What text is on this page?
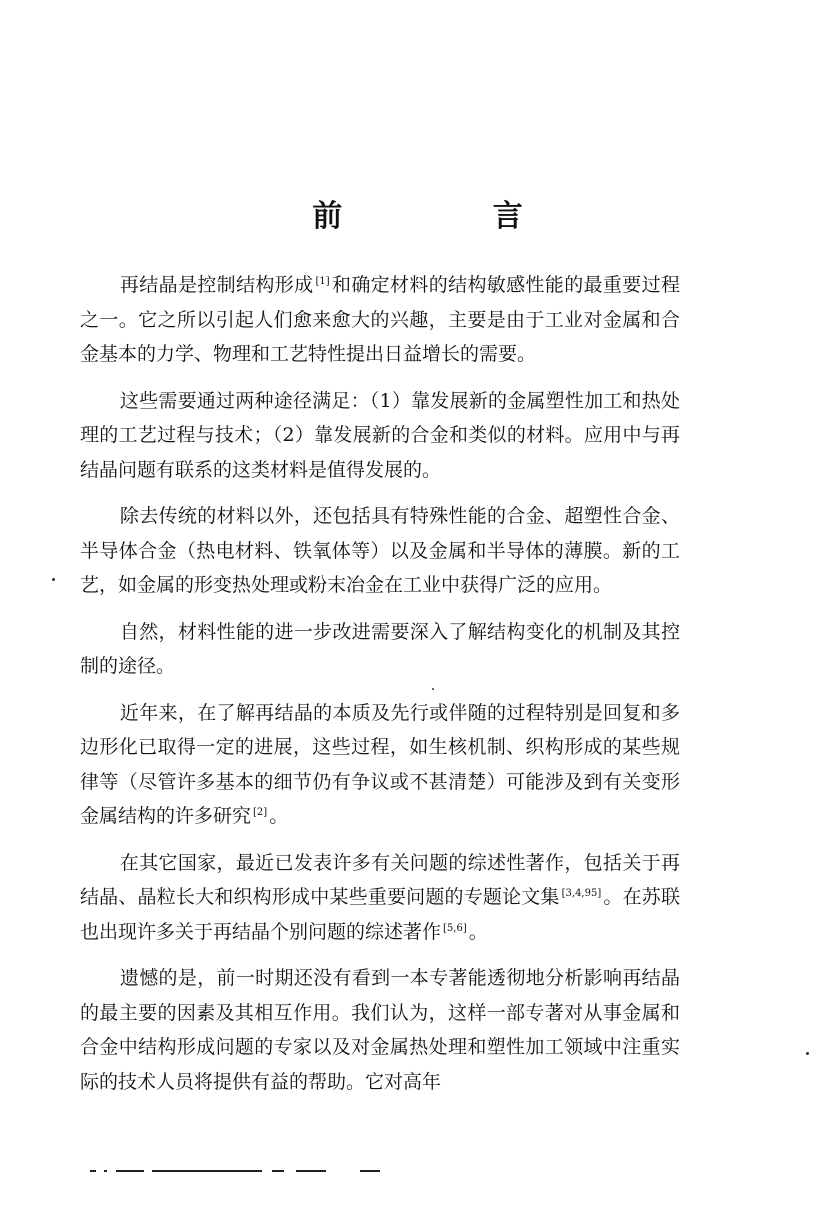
前 言

再结晶是控制结构形成 [1] 和确定材料的结构敏感性能的最重要过程之一。它之所以引起人们愈来愈大的兴趣，主要是由于工业对金属和合金基本的力学、物理和工艺特性提出日益增长的需要。

这些需要通过两种途径满足：（1）靠发展新的金属塑性加工和热处理的工艺过程与技术；（2）靠发展新的合金和类似的材料。应用中与再结晶问题有联系的这类材料是值得发展的。

除去传统的材料以外，还包括具有特殊性能的合金、超塑性合金、半导体合金（热电材料、铁氧体等）以及金属和半导体的薄膜。新的工艺，如金属的形变热处理或粉末冶金在工业中获得广泛的应用。

自然，材料性能的进一步改进需要深入了解结构变化的机制及其控制的途径。

近年来，在了解再结晶的本质及先行或伴随的过程特别是回复和多边形化已取得一定的进展，这些过程，如生核机制、织构形成的某些规律等（尽管许多基本的细节仍有争议或不甚清楚）可能涉及到有关变形金属结构的许多研究 [2] 。

在其它国家，最近已发表许多有关问题的综述性著作，包括关于再结晶、晶粒长大和织构形成中某些重要问题的专题论文集 [3,4,95] 。在苏联也出现许多关于再结晶个别问题的综述著作 [5,6] 。

遗憾的是，前一时期还没有看到一本专著能透彻地分析影响再结晶的最主要的因素及其相互作用。我们认为，这样一部专著对从事金属和合金中结构形成问题的专家以及对金属热处理和塑性加工领域中注重实际的技术人员将提供有益的帮助。它对高年
